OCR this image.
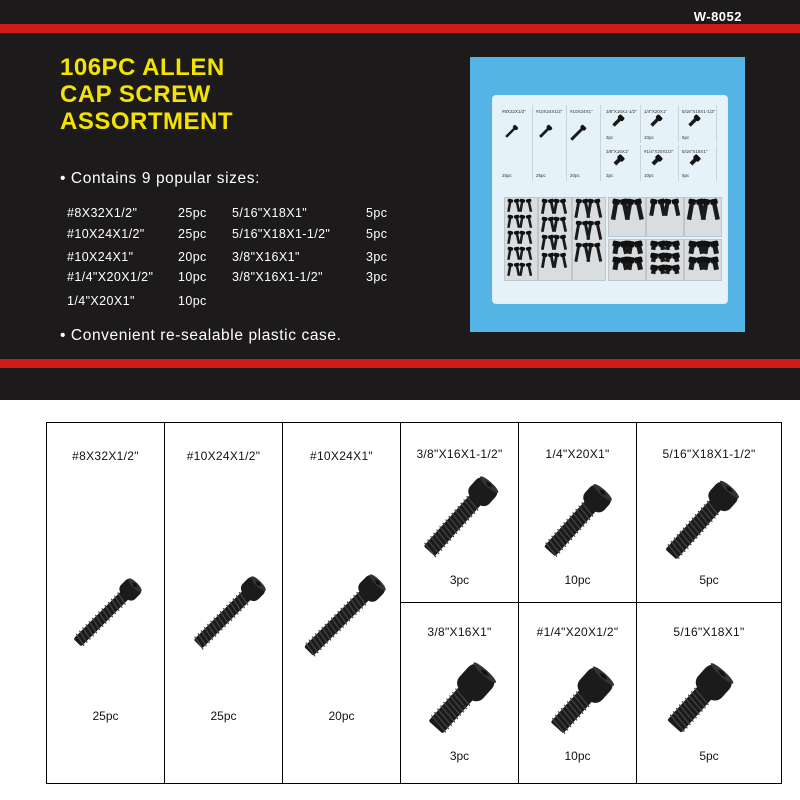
W-8052
106PC ALLEN
CAP SCREW
ASSORTMENT
• Contains 9 popular sizes:
#8X32X1/2"	25pc
#10X24X1/2"	25pc
#10X24X1"	20pc
#1/4"X20X1/2" 10pc
1/4"X20X1"	10pc
5/16"X18X1"	5pc
5/16"X18X1-1/2"	5pc
3/8"X16X1"	3pc
3/8"X16X1-1/2"	3pc
• Convenient re-sealable plastic case.
#8X32X1/2"
25pc
#10X24X1/2"
25pc
#10X24X1"
20pc
3/8"X16X1-1/2"
3pc
1/4"X20X1"
10pc
5/16"X18X1-1/2"
5pc
3/8"X16X1"
3pc
#1/4"X20X1/2"
10pc
5/16"X18X1"
5pc
#8X32X1/2"
25pc
#10X24X1/2"
25pc
#10X24X1"
20pc
3/8"X16X1-1/2"
3pc
1/4"X20X1"
10pc
5/16"X18X1-1/2"
5pc
3/8"X16X1"
3pc
#1/4"X20X1/2"
10pc
5/16"X18X1"
5pc
